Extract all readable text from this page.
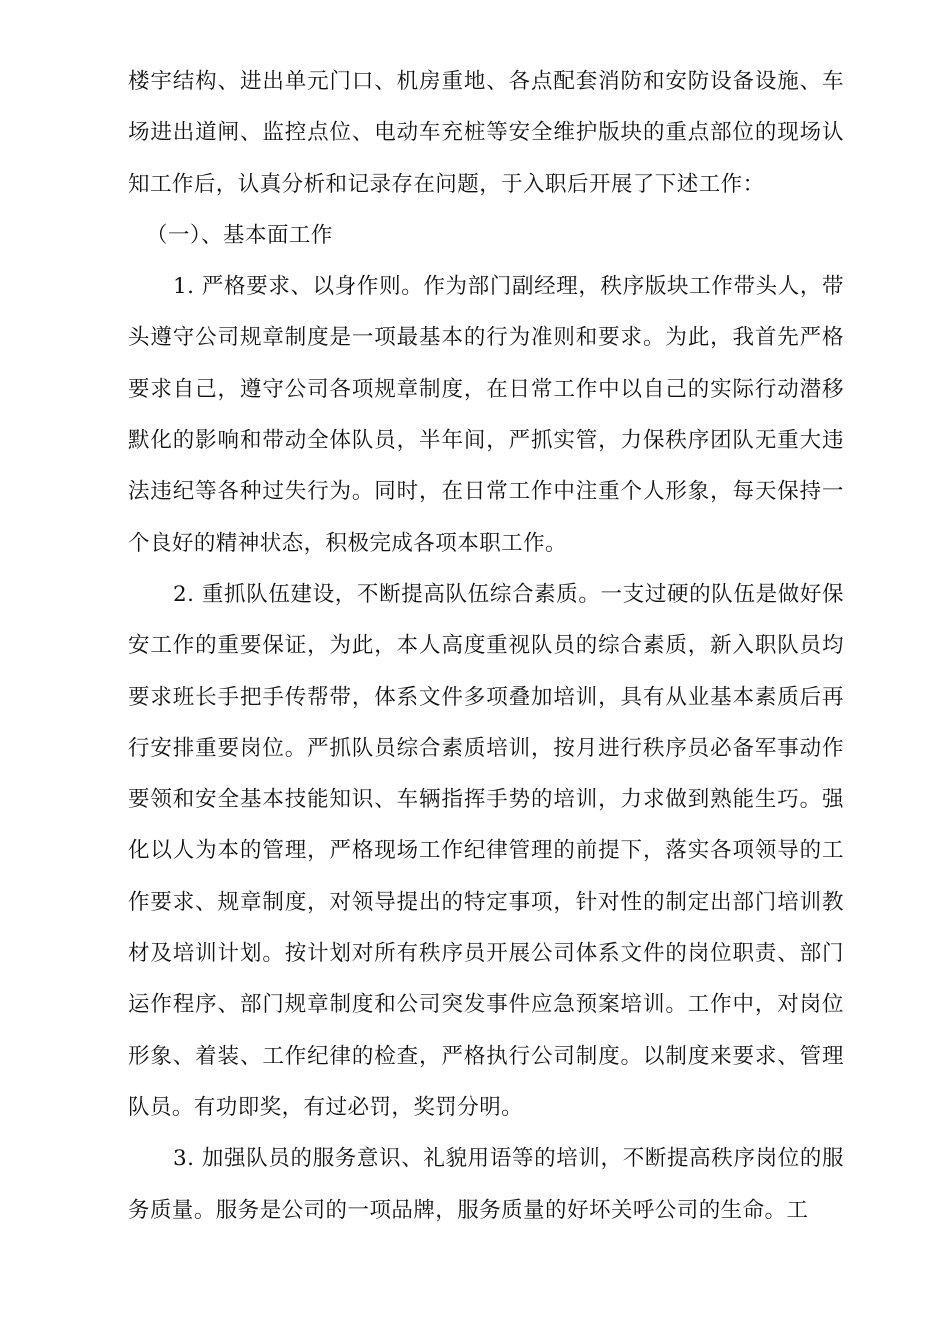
楼宇结构、进出单元门口、机房重地、各点配套消防和安防设备设施、车场进出道闸、监控点位、电动车充桩等安全维护版块的重点部位的现场认知工作后，认真分析和记录存在问题，于入职后开展了下述工作：

（一）、基本面工作

1. 严格要求、以身作则。作为部门副经理，秩序版块工作带头人，带头遵守公司规章制度是一项最基本的行为准则和要求。为此，我首先严格要求自己，遵守公司各项规章制度，在日常工作中以自己的实际行动潜移默化的影响和带动全体队员，半年间，严抓实管，力保秩序团队无重大违法违纪等各种过失行为。同时，在日常工作中注重个人形象，每天保持一个良好的精神状态，积极完成各项本职工作。

2. 重抓队伍建设，不断提高队伍综合素质。一支过硬的队伍是做好保安工作的重要保证，为此，本人高度重视队员的综合素质，新入职队员均要求班长手把手传帮带，体系文件多项叠加培训，具有从业基本素质后再行安排重要岗位。严抓队员综合素质培训，按月进行秩序员必备军事动作要领和安全基本技能知识、车辆指挥手势的培训，力求做到熟能生巧。强化以人为本的管理，严格现场工作纪律管理的前提下，落实各项领导的工作要求、规章制度，对领导提出的特定事项，针对性的制定出部门培训教材及培训计划。按计划对所有秩序员开展公司体系文件的岗位职责、部门运作程序、部门规章制度和公司突发事件应急预案培训。工作中，对岗位形象、着装、工作纪律的检查，严格执行公司制度。以制度来要求、管理队员。有功即奖，有过必罚，奖罚分明。

3. 加强队员的服务意识、礼貌用语等的培训，不断提高秩序岗位的服务质量。服务是公司的一项品牌，服务质量的好坏关呼公司的生命。工
